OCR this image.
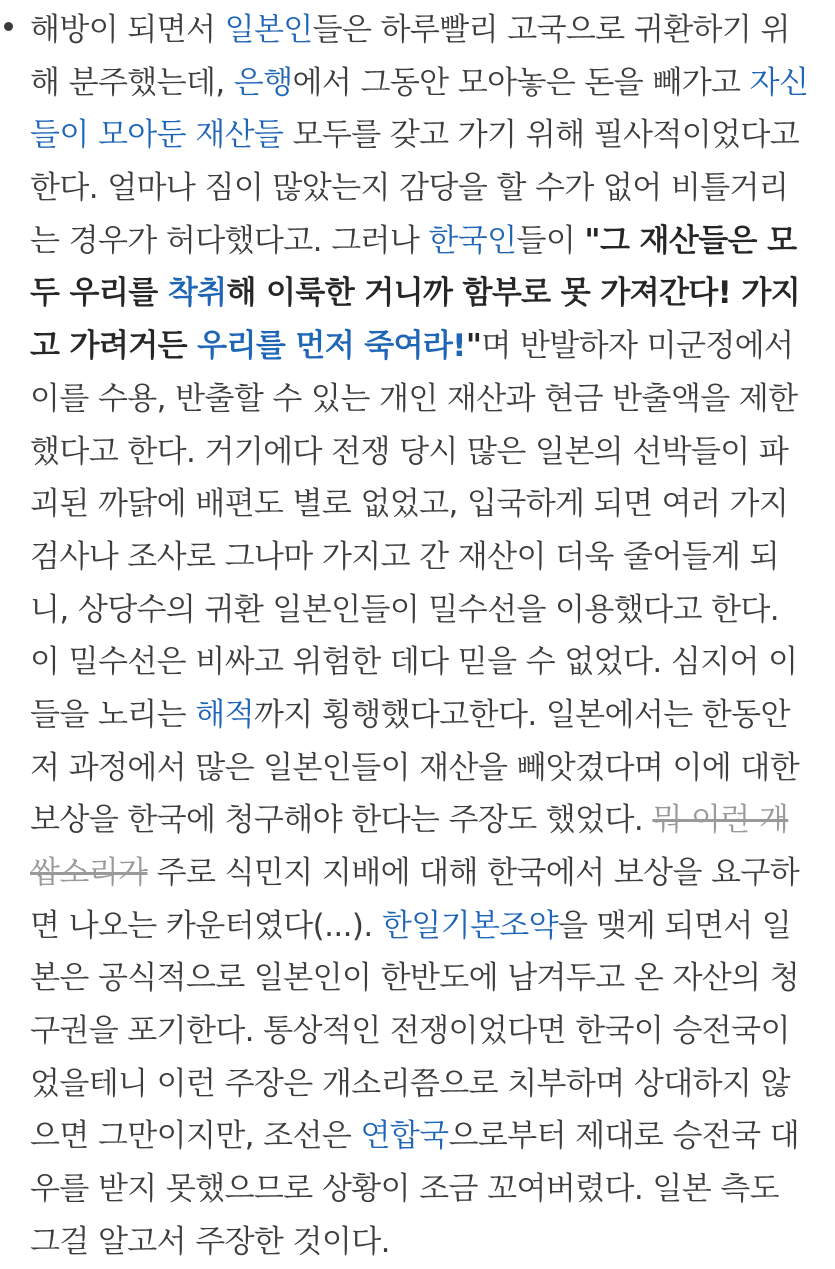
해방이 되면서 일본인들은 하루빨리 고국으로 귀환하기 위
해 분주했는데, 은행에서 그동안 모아놓은 돈을 빼가고 자신
들이 모아둔 재산들 모두를 갖고 가기 위해 필사적이었다고
한다. 얼마나 짐이 많았는지 감당을 할 수가 없어 비틀거리
는 경우가 허다했다고. 그러나 한국인들이 "그 재산들은 모
두 우리를 착취해 이룩한 거니까 함부로 못 가져간다! 가지
고 가려거든 우리를 먼저 죽여라!"며 반발하자 미군정에서
이를 수용, 반출할 수 있는 개인 재산과 현금 반출액을 제한
했다고 한다. 거기에다 전쟁 당시 많은 일본의 선박들이 파
괴된 까닭에 배편도 별로 없었고, 입국하게 되면 여러 가지
검사나 조사로 그나마 가지고 간 재산이 더욱 줄어들게 되
니, 상당수의 귀환 일본인들이 밀수선을 이용했다고 한다.
이 밀수선은 비싸고 위험한 데다 믿을 수 없었다. 심지어 이
들을 노리는 해적까지 횡행했다고한다. 일본에서는 한동안
저 과정에서 많은 일본인들이 재산을 빼앗겼다며 이에 대한
보상을 한국에 청구해야 한다는 주장도 했었다. 뭐 이런 개
쌉소리가 주로 식민지 지배에 대해 한국에서 보상을 요구하
면 나오는 카운터였다(...). 한일기본조약을 맺게 되면서 일
본은 공식적으로 일본인이 한반도에 남겨두고 온 자산의 청
구권을 포기한다. 통상적인 전쟁이었다면 한국이 승전국이
었을테니 이런 주장은 개소리쯤으로 치부하며 상대하지 않
으면 그만이지만, 조선은 연합국으로부터 제대로 승전국 대
우를 받지 못했으므로 상황이 조금 꼬여버렸다. 일본 측도
그걸 알고서 주장한 것이다.
